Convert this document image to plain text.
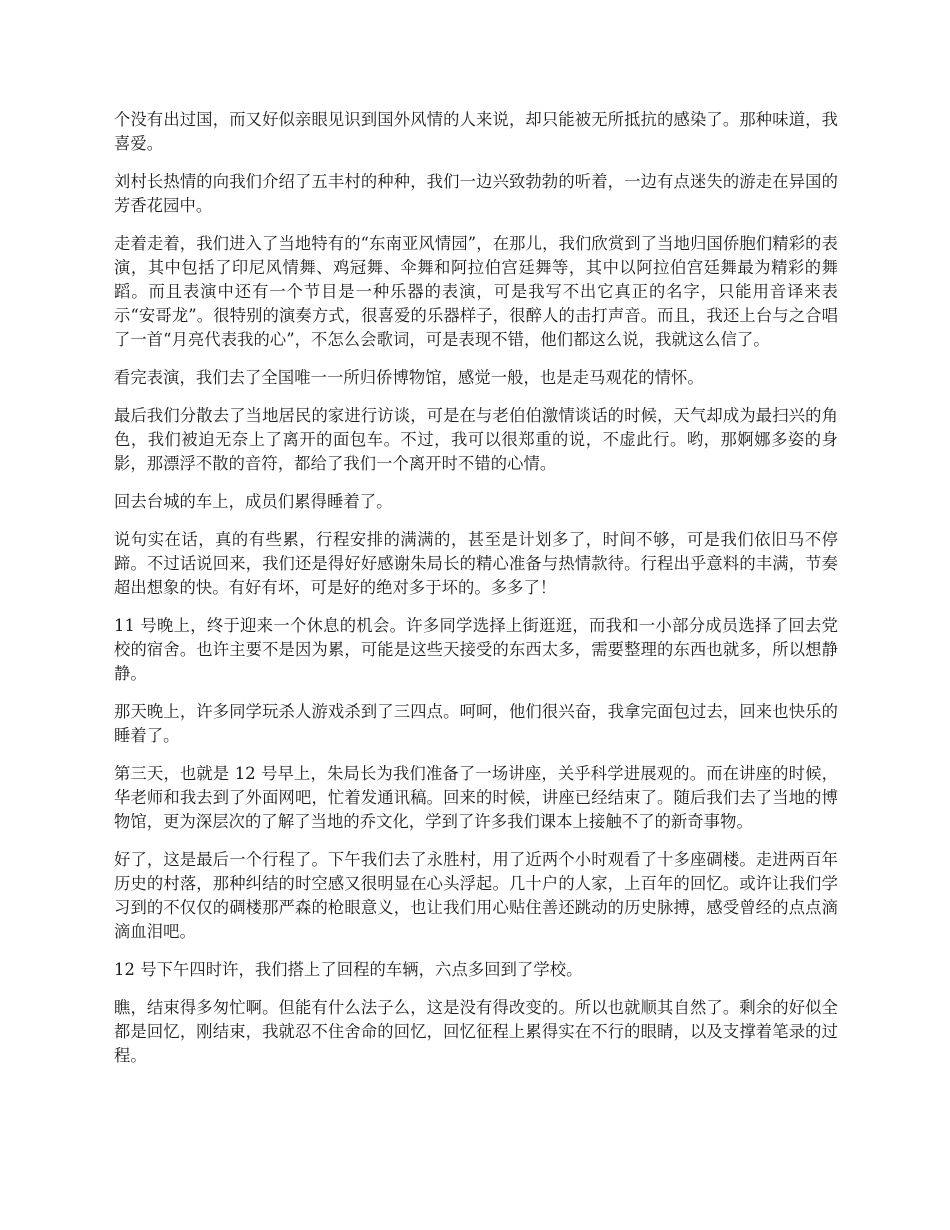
个没有出过国，而又好似亲眼见识到国外风情的人来说，却只能被无所抵抗的感染了。那种味道，我喜爱。

刘村长热情的向我们介绍了五丰村的种种，我们一边兴致勃勃的听着，一边有点迷失的游走在异国的芳香花园中。

走着走着，我们进入了当地特有的“东南亚风情园”，在那儿，我们欣赏到了当地归国侨胞们精彩的表演，其中包括了印尼风情舞、鸡冠舞、伞舞和阿拉伯宫廷舞等，其中以阿拉伯宫廷舞最为精彩的舞蹈。而且表演中还有一个节目是一种乐器的表演，可是我写不出它真正的名字，只能用音译来表示“安哥龙”。很特别的演奏方式，很喜爱的乐器样子，很醉人的击打声音。而且，我还上台与之合唱了一首“月亮代表我的心”，不怎么会歌词，可是表现不错，他们都这么说，我就这么信了。

看完表演，我们去了全国唯一一所归侨博物馆，感觉一般，也是走马观花的情怀。

最后我们分散去了当地居民的家进行访谈，可是在与老伯伯激情谈话的时候，天气却成为最扫兴的角色，我们被迫无奈上了离开的面包车。不过，我可以很郑重的说，不虚此行。哟，那婀娜多姿的身影，那漂浮不散的音符，都给了我们一个离开时不错的心情。

回去台城的车上，成员们累得睡着了。

说句实在话，真的有些累，行程安排的满满的，甚至是计划多了，时间不够，可是我们依旧马不停蹄。不过话说回来，我们还是得好好感谢朱局长的精心准备与热情款待。行程出乎意料的丰满，节奏超出想象的快。有好有坏，可是好的绝对多于坏的。多多了！

11 号晚上，终于迎来一个休息的机会。许多同学选择上街逛逛，而我和一小部分成员选择了回去党校的宿舍。也许主要不是因为累，可能是这些天接受的东西太多，需要整理的东西也就多，所以想静静。

那天晚上，许多同学玩杀人游戏杀到了三四点。呵呵，他们很兴奋，我拿完面包过去，回来也快乐的睡着了。

第三天，也就是 12 号早上，朱局长为我们准备了一场讲座，关乎科学进展观的。而在讲座的时候，华老师和我去到了外面网吧，忙着发通讯稿。回来的时候，讲座已经结束了。随后我们去了当地的博物馆，更为深层次的了解了当地的乔文化，学到了许多我们课本上接触不了的新奇事物。

好了，这是最后一个行程了。下午我们去了永胜村，用了近两个小时观看了十多座碉楼。走进两百年历史的村落，那种纠结的时空感又很明显在心头浮起。几十户的人家，上百年的回忆。或许让我们学习到的不仅仅的碉楼那严森的枪眼意义，也让我们用心贴住善还跳动的历史脉搏，感受曾经的点点滴滴血泪吧。

12 号下午四时许，我们搭上了回程的车辆，六点多回到了学校。

瞧，结束得多匆忙啊。但能有什么法子么，这是没有得改变的。所以也就顺其自然了。剩余的好似全都是回忆，刚结束，我就忍不住舍命的回忆，回忆征程上累得实在不行的眼睛，以及支撑着笔录的过程。
